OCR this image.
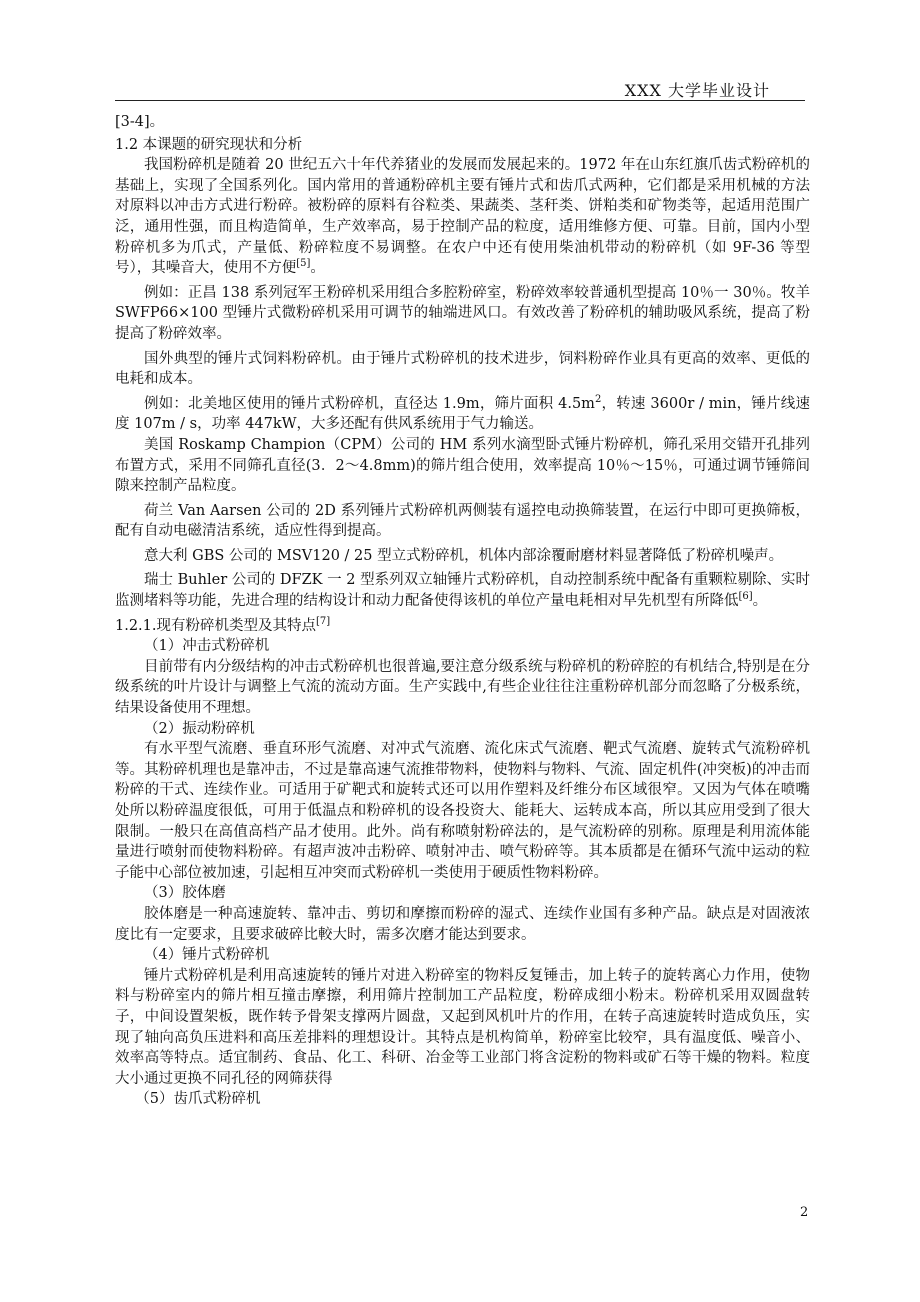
XXX 大学毕业设计

[3-4]。

1.2 本课题的研究现状和分析

我国粉碎机是随着 20 世纪五六十年代养猪业的发展而发展起来的。1972 年在山东红旗爪齿式粉碎机的基础上，实现了全国系列化。国内常用的普通粉碎机主要有锤片式和齿爪式两种，它们都是采用机械的方法对原料以冲击方式进行粉碎。被粉碎的原料有谷粒类、果蔬类、茎秆类、饼粕类和矿物类等，起适用范围广泛，通用性强，而且构造简单，生产效率高，易于控制产品的粒度，适用维修方便、可靠。目前，国内小型粉碎机多为爪式，产量低、粉碎粒度不易调整。在农户中还有使用柴油机带动的粉碎机（如 9F-36 等型号），其噪音大，使用不方便[5]。

例如：正昌 138 系列冠军王粉碎机采用组合多腔粉碎室，粉碎效率较普通机型提高 10％一 30％。牧羊 SWFP66×100 型锤片式微粉碎机采用可调节的轴端进风口。有效改善了粉碎机的辅助吸风系统，提高了粉提高了粉碎效率。

国外典型的锤片式饲料粉碎机。由于锤片式粉碎机的技术进步，饲料粉碎作业具有更高的效率、更低的电耗和成本。

例如：北美地区使用的锤片式粉碎机，直径达 1.9m，筛片面积 $4.5m^2$，转速 3600r / min，锤片线速度 107m / s，功率 447kW，大多还配有供风系统用于气力输送。

美国 Roskamp Champion（CPM）公司的 HM 系列水滴型卧式锤片粉碎机，筛孔采用交错开孔排列布置方式，采用不同筛孔直径(3．2～4.8mm)的筛片组合使用，效率提高 10％～15％，可通过调节锤筛间隙来控制产品粒度。

荷兰 Van Aarsen 公司的 2D 系列锤片式粉碎机两侧装有遥控电动换筛装置，在运行中即可更换筛板，配有自动电磁清洁系统，适应性得到提高。

意大利 GBS 公司的 MSV120 / 25 型立式粉碎机，机体内部涂覆耐磨材料显著降低了粉碎机噪声。

瑞士 Buhler 公司的 DFZK 一 2 型系列双立轴锤片式粉碎机，自动控制系统中配备有重颗粒剔除、实时监测堵料等功能，先进合理的结构设计和动力配备使得该机的单位产量电耗相对早先机型有所降低[6]。

1.2.1.现有粉碎机类型及其特点[7]

（1）冲击式粉碎机

目前带有内分级结构的冲击式粉碎机也很普遍,要注意分级系统与粉碎机的粉碎腔的有机结合,特别是在分级系统的叶片设计与调整上气流的流动方面。生产实践中,有些企业往往注重粉碎机部分而忽略了分极系统，结果设备使用不理想。

（2）振动粉碎机

有水平型气流磨、垂直环形气流磨、对冲式气流磨、流化床式气流磨、靶式气流磨、旋转式气流粉碎机等。其粉碎机理也是靠冲击，不过是靠高速气流推带物料，使物料与物料、气流、固定机件(冲突板)的冲击而粉碎的干式、连续作业。可适用于矿靶式和旋转式还可以用作塑料及纤维分布区域很窄。又因为气体在喷嘴处所以粉碎温度很低，可用于低温点和粉碎机的设各投资大、能耗大、运转成本高，所以其应用受到了很大限制。一般只在高值高档产品才使用。此外。尚有称喷射粉碎法的，是气流粉碎的别称。原理是利用流体能量进行喷射而使物料粉碎。有超声波冲击粉碎、喷射冲击、喷气粉碎等。其本质都是在循环气流中运动的粒子能中心部位被加速，引起相互冲突而式粉碎机一类使用于硬质性物料粉碎。

（3）胶体磨

胶体磨是一种高速旋转、靠冲击、剪切和摩擦而粉碎的湿式、连续作业国有多种产品。缺点是对固液浓度比有一定要求，且要求破碎比較大时，需多次磨才能达到要求。

（4）锤片式粉碎机

锤片式粉碎机是利用高速旋转的锤片对进入粉碎室的物料反复锤击，加上转子的旋转离心力作用，使物料与粉碎室内的筛片相互撞击摩擦，利用筛片控制加工产品粒度，粉碎成细小粉末。粉碎机采用双圆盘转子，中间设置架板，既作转予骨架支撑两片圆盘，又起到风机叶片的作用，在转子高速旋转时造成负压，实现了轴向高负压进料和高压差排料的理想设计。其特点是机构简单，粉碎室比较窄，具有温度低、噪音小、效率高等特点。适宜制药、食品、化工、科研、冶金等工业部门将含淀粉的物料或矿石等干燥的物料。粒度大小通过更换不同孔径的网筛获得

（5）齿爪式粉碎机

2
